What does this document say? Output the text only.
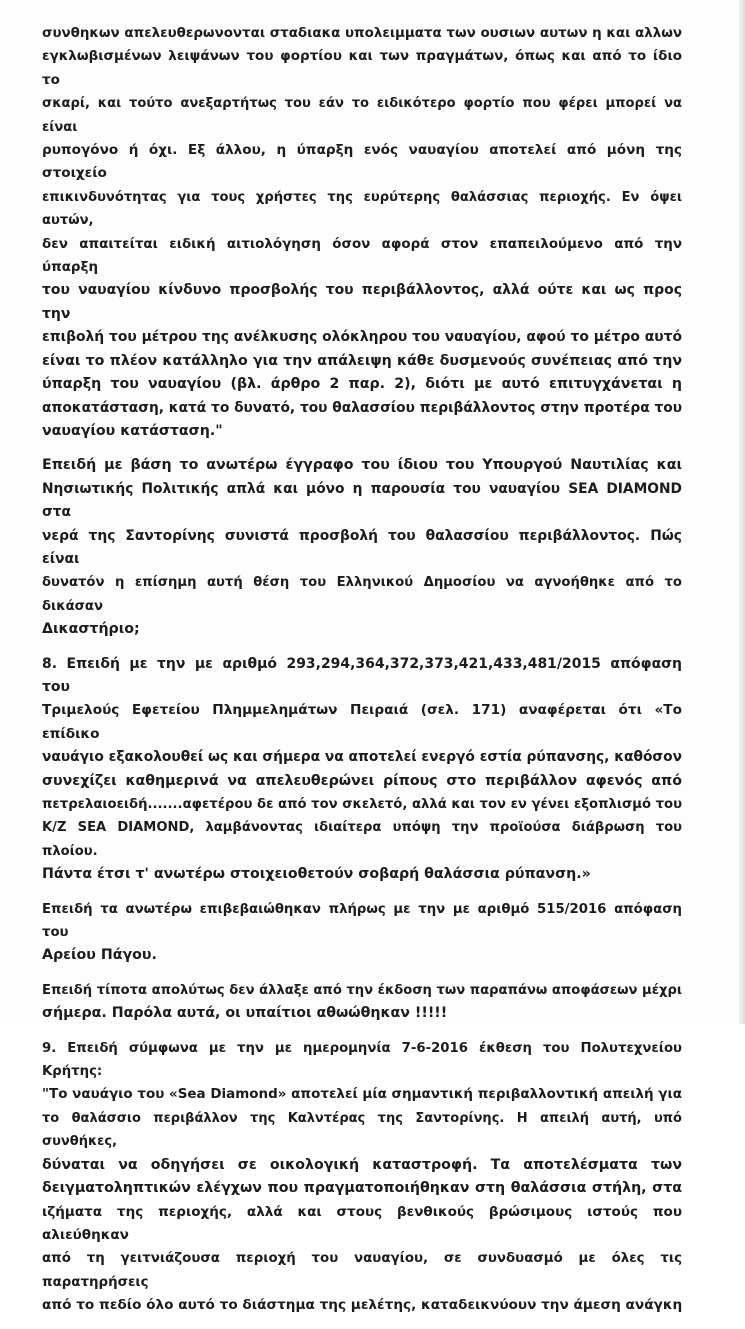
συνθηκων απελευθερωνονται σταδιακα υπολειμματα των ουσιων αυτων η και αλλων
εγκλωβισμένων λειψάνων του φορτίου και των πραγμάτων, όπως και από το ίδιο το
σκαρί, και τούτο ανεξαρτήτως του εάν το ειδικότερο φορτίο που φέρει μπορεί να είναι
ρυπογόνο ή όχι. Εξ άλλου, η ύπαρξη ενός ναυαγίου αποτελεί από μόνη της στοιχείο
επικινδυνότητας για τους χρήστες της ευρύτερης θαλάσσιας περιοχής. Εν όψει αυτών,
δεν απαιτείται ειδική αιτιολόγηση όσον αφορά στον επαπειλούμενο από την ύπαρξη
του ναυαγίου κίνδυνο προσβολής του περιβάλλοντος, αλλά ούτε και ως προς την
επιβολή του μέτρου της ανέλκυσης ολόκληρου του ναυαγίου, αφού το μέτρο αυτό
είναι το πλέον κατάλληλο για την απάλειψη κάθε δυσμενούς συνέπειας από την
ύπαρξη του ναυαγίου (βλ. άρθρο 2 παρ. 2), διότι με αυτό επιτυγχάνεται η
αποκατάσταση, κατά το δυνατό, του θαλασσίου περιβάλλοντος στην προτέρα του
ναυαγίου κατάσταση."
Επειδή με βάση το ανωτέρω έγγραφο του ίδιου του Υπουργού Ναυτιλίας και
Νησιωτικής Πολιτικής απλά και μόνο η παρουσία του ναυαγίου SEA DIAMOND στα
νερά της Σαντορίνης συνιστά προσβολή του θαλασσίου περιβάλλοντος. Πώς είναι
δυνατόν η επίσημη αυτή θέση του Ελληνικού Δημοσίου να αγνοήθηκε από το δικάσαν
Δικαστήριο;
8. Επειδή με την με αριθμό 293,294,364,372,373,421,433,481/2015 απόφαση του
Τριμελούς Εφετείου Πλημμελημάτων Πειραιά (σελ. 171) αναφέρεται ότι «Το επίδικο
ναυάγιο εξακολουθεί ως και σήμερα να αποτελεί ενεργό εστία ρύπανσης, καθόσον
συνεχίζει καθημερινά να απελευθερώνει ρίπους στο περιβάλλον αφενός από
πετρελαιοειδή.......αφετέρου δε από τον σκελετό, αλλά και τον εν γένει εξοπλισμό του
Κ/Ζ SEA DIAMOND, λαμβάνοντας ιδιαίτερα υπόψη την προϊούσα διάβρωση του πλοίου.
Πάντα έτσι τ' ανωτέρω στοιχειοθετούν σοβαρή θαλάσσια ρύπανση.»
Επειδή τα ανωτέρω επιβεβαιώθηκαν πλήρως με την με αριθμό 515/2016 απόφαση του
Αρείου Πάγου.
Επειδή τίποτα απολύτως δεν άλλαξε από την έκδοση των παραπάνω αποφάσεων μέχρι
σήμερα. Παρόλα αυτά, οι υπαίτιοι αθωώθηκαν !!!!!
9. Επειδή σύμφωνα με την με ημερομηνία 7-6-2016 έκθεση του Πολυτεχνείου Κρήτης:
"Το ναυάγιο του «Sea Diamond» αποτελεί μία σημαντική περιβαλλοντική απειλή για
το θαλάσσιο περιβάλλον της Καλντέρας της Σαντορίνης. Η απειλή αυτή, υπό συνθήκες,
δύναται να οδηγήσει σε οικολογική καταστροφή. Τα αποτελέσματα των
δειγματοληπτικών ελέγχων που πραγματοποιήθηκαν στη θαλάσσια στήλη, στα
ιζήματα της περιοχής, αλλά και στους βενθικούς βρώσιμους ιστούς που αλιεύθηκαν
από τη γειτνιάζουσα περιοχή του ναυαγίου, σε συνδυασμό με όλες τις παρατηρήσεις
από το πεδίο όλο αυτό το διάστημα της μελέτης, καταδεικνύουν την άμεση ανάγκη
